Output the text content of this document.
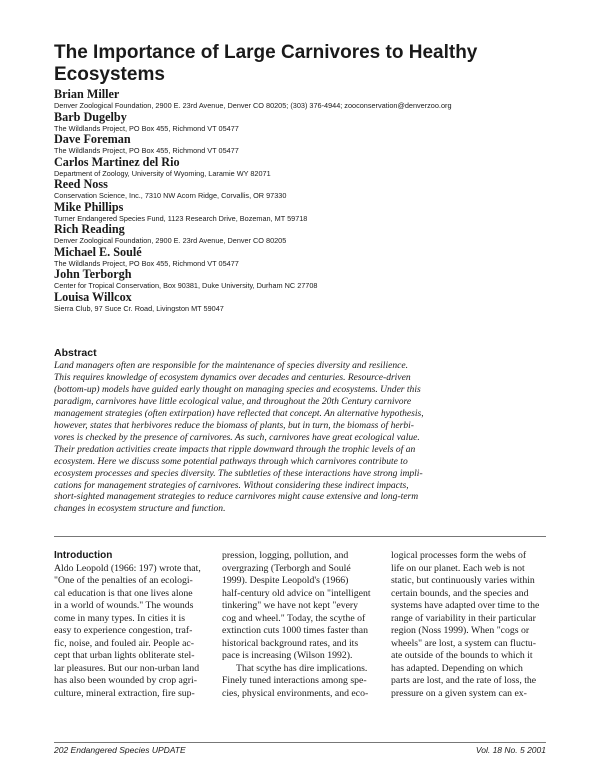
The Importance of Large Carnivores to Healthy Ecosystems
Brian Miller
Denver Zoological Foundation, 2900 E. 23rd Avenue, Denver CO 80205; (303) 376-4944; zooconservation@denverzoo.org
Barb Dugelby
The Wildlands Project, PO Box 455, Richmond VT 05477
Dave Foreman
The Wildlands Project, PO Box 455, Richmond VT 05477
Carlos Martinez del Rio
Department of Zoology, University of Wyoming, Laramie WY 82071
Reed Noss
Conservation Science, Inc., 7310 NW Acorn Ridge, Corvallis, OR 97330
Mike Phillips
Turner Endangered Species Fund, 1123 Research Drive, Bozeman, MT 59718
Rich Reading
Denver Zoological Foundation, 2900 E. 23rd Avenue, Denver CO 80205
Michael E. Soulé
The Wildlands Project, PO Box 455, Richmond VT 05477
John Terborgh
Center for Tropical Conservation, Box 90381, Duke University, Durham NC 27708
Louisa Willcox
Sierra Club, 97 Suce Cr. Road, Livingston MT 59047
Abstract
Land managers often are responsible for the maintenance of species diversity and resilience.
This requires knowledge of ecosystem dynamics over decades and centuries. Resource-driven
(bottom-up) models have guided early thought on managing species and ecosystems. Under this
paradigm, carnivores have little ecological value, and throughout the 20th Century carnivore
management strategies (often extirpation) have reflected that concept. An alternative hypothesis,
however, states that herbivores reduce the biomass of plants, but in turn, the biomass of herbi-
vores is checked by the presence of carnivores. As such, carnivores have great ecological value.
Their predation activities create impacts that ripple downward through the trophic levels of an
ecosystem. Here we discuss some potential pathways through which carnivores contribute to
ecosystem processes and species diversity. The subtleties of these interactions have strong impli-
cations for management strategies of carnivores. Without considering these indirect impacts,
short-sighted management strategies to reduce carnivores might cause extensive and long-term
changes in ecosystem structure and function.
Introduction
Aldo Leopold (1966: 197) wrote that,
"One of the penalties of an ecologi-
cal education is that one lives alone
in a world of wounds." The wounds
come in many types. In cities it is
easy to experience congestion, traf-
fic, noise, and fouled air. People ac-
cept that urban lights obliterate stel-
lar pleasures. But our non-urban land
has also been wounded by crop agri-
culture, mineral extraction, fire sup-
pression, logging, pollution, and
overgrazing (Terborgh and Soulé
1999). Despite Leopold's (1966)
half-century old advice on "intelligent
tinkering" we have not kept "every
cog and wheel." Today, the scythe of
extinction cuts 1000 times faster than
historical background rates, and its
pace is increasing (Wilson 1992).
That scythe has dire implications.
Finely tuned interactions among spe-
cies, physical environments, and eco-
logical processes form the webs of
life on our planet. Each web is not
static, but continuously varies within
certain bounds, and the species and
systems have adapted over time to the
range of variability in their particular
region (Noss 1999). When "cogs or
wheels" are lost, a system can fluctu-
ate outside of the bounds to which it
has adapted. Depending on which
parts are lost, and the rate of loss, the
pressure on a given system can ex-
202 Endangered Species UPDATE	Vol. 18 No. 5 2001
